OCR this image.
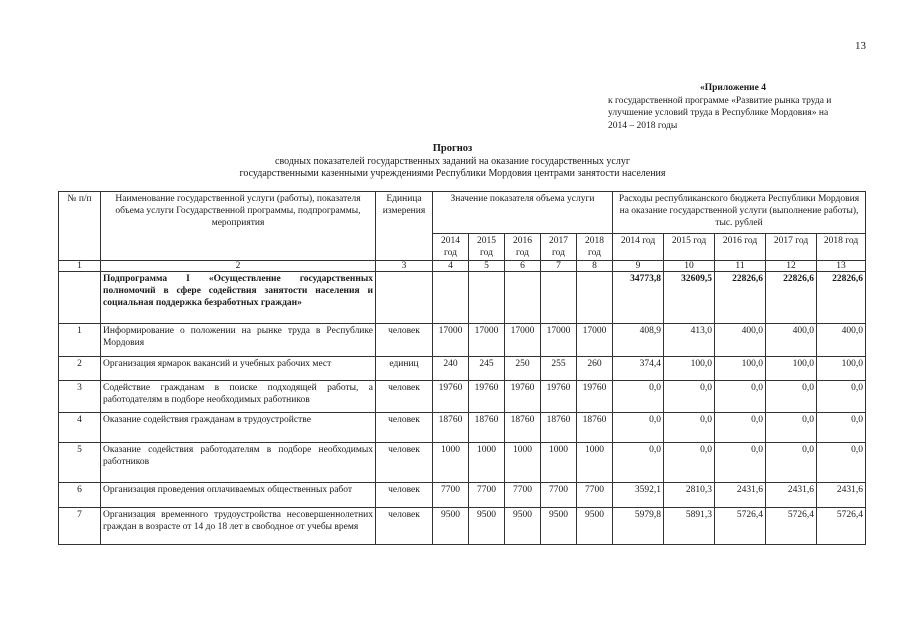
13
«Приложение 4
к государственной программе «Развитие рынка труда и
улучшение условий труда в Республике Мордовия» на
2014 – 2018 годы
Прогноз
сводных показателей государственных заданий на оказание государственных услуг
государственными казенными учреждениями Республики Мордовия центрами занятости населения
№ п/п	Наименование государственной услуги (работы), показателя объема услуги Государственной программы, подпрограммы, мероприятия	Единица измерения	Значение показателя объема услуги					Расходы республиканского бюджета Республики Мордовия на оказание государственной услуги (выполнение работы), тыс. рублей				
			2014 год	2015 год	2016 год	2017 год	2018 год	2014 год	2015 год	2016 год	2017 год	2018 год
1	2	3	4	5	6	7	8	9	10	11	12	13
	Подпрограмма I «Осуществление государственных полномочий в сфере содействия занятости населения и социальная поддержка безработных граждан»							34773,8	32609,5	22826,6	22826,6	22826,6
1	Информирование о положении на рынке труда в Республике Мордовия	человек	17000	17000	17000	17000	17000	408,9	413,0	400,0	400,0	400,0
2	Организация ярмарок вакансий и учебных рабочих мест	единиц	240	245	250	255	260	374,4	100,0	100,0	100,0	100,0
3	Содействие гражданам в поиске подходящей работы, а работодателям в подборе необходимых работников	человек	19760	19760	19760	19760	19760	0,0	0,0	0,0	0,0	0,0
4	Оказание содействия гражданам в трудоустройстве	человек	18760	18760	18760	18760	18760	0,0	0,0	0,0	0,0	0,0
5	Оказание содействия работодателям в подборе необходимых работников	человек	1000	1000	1000	1000	1000	0,0	0,0	0,0	0,0	0,0
6	Организация проведения оплачиваемых общественных работ	человек	7700	7700	7700	7700	7700	3592,1	2810,3	2431,6	2431,6	2431,6
7	Организация временного трудоустройства несовершеннолетних граждан в возрасте от 14 до 18 лет в свободное от учебы время	человек	9500	9500	9500	9500	9500	5979,8	5891,3	5726,4	5726,4	5726,4
